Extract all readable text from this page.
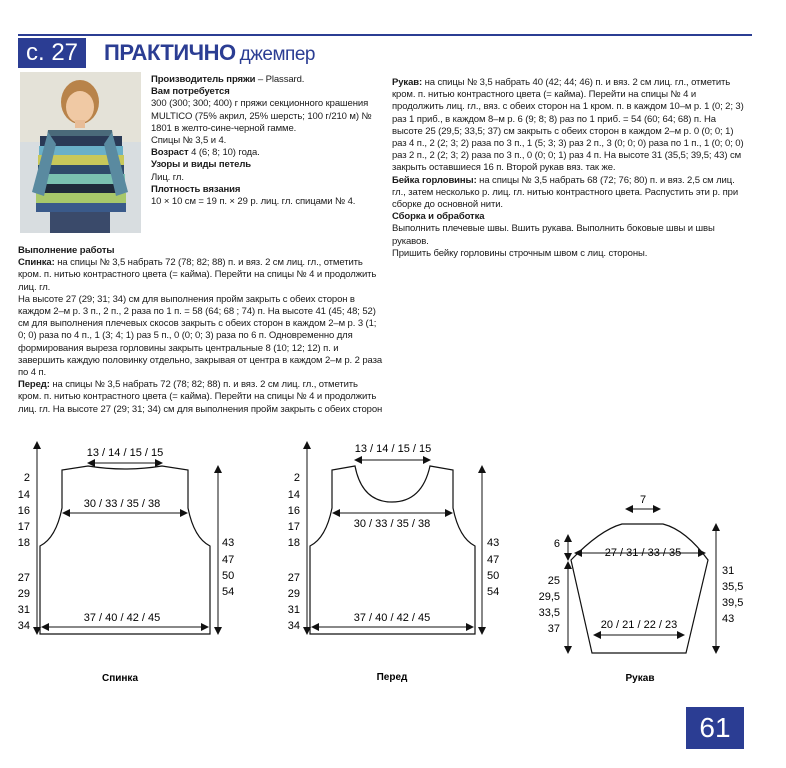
с. 27	ПРАКТИЧНО джемпер

Производитель пряжи – Plassard.

Вам потребуется

300 (300; 300; 400) г пряжи секционного крашения MULTICO (75% акрил, 25% шерсть; 100 г/210 м) № 1801 в желто-сине-черной гамме.

Спицы № 3,5 и 4.

Возраст 4 (6; 8; 10) года.

Узоры и виды петель

Лиц. гл.

Плотность вязания

10 × 10 см = 19 п. × 29 р. лиц. гл. спицами № 4.

Выполнение работы

Спинка: на спицы № 3,5 набрать 72 (78; 82; 88) п. и вяз. 2 см лиц. гл., отметить кром. п. нитью контрастного цвета (= каймa). Перейти на спицы № 4 и продолжить лиц. гл.

На высоте 27 (29; 31; 34) см для выполнения пройм закрыть с обеих сторон в каждом 2–м р. 3 п., 2 п., 2 раза по 1 п. = 58 (64; 68 ; 74) п. На высоте 41 (45; 48; 52) см для выполнения плечевых скосов закрыть с обеих сторон в каждом 2–м р. 3 (1; 0; 0) раза по 4 п., 1 (3; 4; 1) раз 5 п., 0 (0; 0; 3) раза по 6 п. Одновременно для формирования выреза горловины закрыть центральные 8 (10; 12; 12) п. и завершить каждую половинку отдельно, закрывая от центра в каждом 2–м р. 2 раза по 4 п.

Перед: на спицы № 3,5 набрать 72 (78; 82; 88) п. и вяз. 2 см лиц. гл., отметить кром. п. нитью контрастного цвета (= каймa). Перейти на спицы № 4 и продолжить лиц. гл. На высоте 27 (29; 31; 34) см для выполнения пройм закрыть с обеих сторон

Рукав: на спицы № 3,5 набрать 40 (42; 44; 46) п. и вяз. 2 см лиц. гл., отметить кром. п. нитью контрастного цвета (= каймa). Перейти на спицы № 4 и продолжить лиц. гл., вяз. с обеих сторон на 1 кром. п. в каждом 10–м р. 1 (0; 2; 3) раз 1 приб., в каждом 8–м р. 6 (9; 8; 8) раз по 1 приб. = 54 (60; 64; 68) п. На высоте 25 (29,5; 33,5; 37) см закрыть с обеих сторон в каждом 2–м р. 0 (0; 0; 1) раз 4 п., 2 (2; 3; 2) раза по 3 п., 1 (5; 3; 3) раз 2 п., 3 (0; 0; 0) раза по 1 п., 1 (0; 0; 0) раз 2 п., 2 (2; 3; 2) раза по 3 п., 0 (0; 0; 1) раз 4 п. На высоте 31 (35,5; 39,5; 43) см закрыть оставшиеся 16 п. Второй рукав вяз. так же.

Бейка горловины: на спицы № 3,5 набрать 68 (72; 76; 80) п. и вяз. 2,5 см лиц. гл., затем несколько р. лиц. гл. нитью контрастного цвета. Распустить эти р. при сборке до основной нити.

Сборка и обработка

Выполнить плечевые швы. Вшить рукава. Выполнить боковые швы и швы рукавов.

Пришить бейку горловины строчным швом с лиц. стороны.

13 / 14 / 15 / 15
30 / 33 / 35 / 38
37 / 40 / 42 / 45
2
14
16
17
18
27
29
31
34
43
47
50
54
Спинка
13 / 14 / 15 / 15
30 / 33 / 35 / 38
37 / 40 / 42 / 45
2
14
16
17
18
27
29
31
34
43
47
50
54
Перед
7
27 / 31 / 33 / 35
20 / 21 / 22 / 23
6
25
29,5
33,5
37
31
35,5
39,5
43
Рукав
61
